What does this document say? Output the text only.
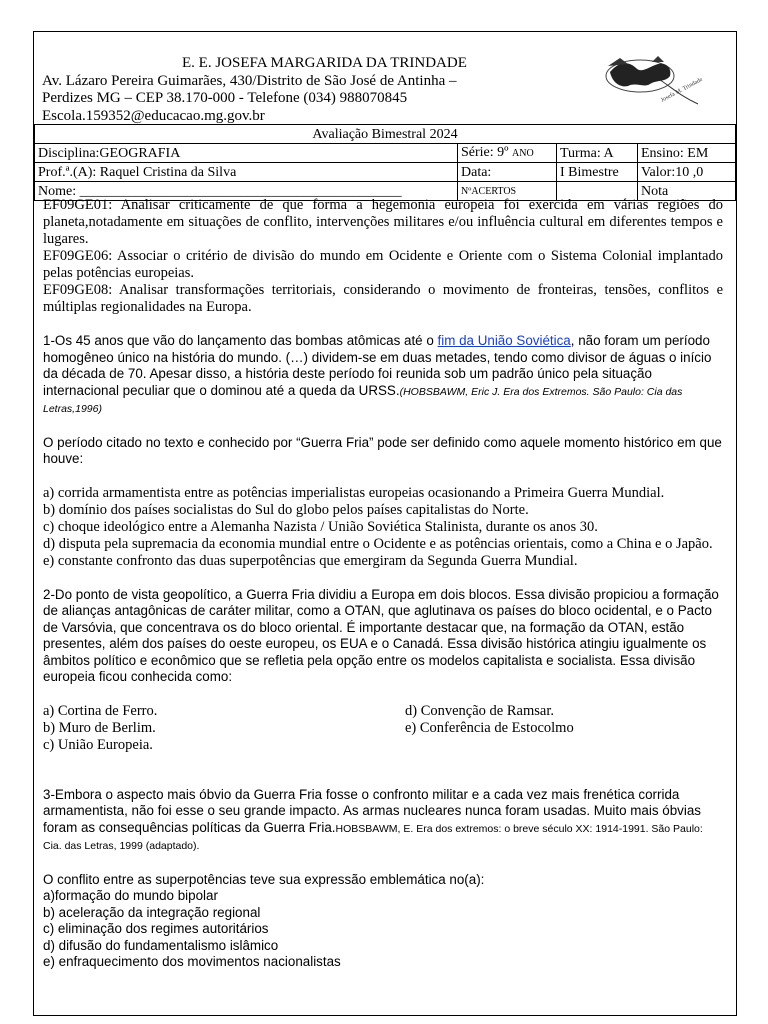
E. E. JOSEFA MARGARIDA DA TRINDADE
Av. Lázaro Pereira Guimarães, 430/Distrito de São José de Antinha –
Perdizes MG – CEP 38.170-000 - Telefone (034) 988070845
Escola.159352@educacao.mg.gov.br
Josefa M. Trindade
Avaliação Bimestral 2024			
Disciplina:GEOGRAFIA	Série: 9º ANO	Turma: A	Ensino: EM
Prof.ª.(A): Raquel Cristina da Silva	Data:	I Bimestre	Valor:10 ,0
Nome: ______________________________________________	NºACERTOS		Nota

EF09GE01: Analisar criticamente de que forma a hegemonia europeia foi exercida em várias regiões do planeta,notadamente em situações de conflito, intervenções militares e/ou influência cultural em diferentes tempos e lugares.

EF09GE06: Associar o critério de divisão do mundo em Ocidente e Oriente com o Sistema Colonial implantado pelas potências europeias.

EF09GE08: Analisar transformações territoriais, considerando o movimento de fronteiras, tensões, conflitos e múltiplas regionalidades na Europa.

1-Os 45 anos que vão do lançamento das bombas atômicas até o fim da União Soviética, não foram um período homogêneo único na história do mundo. (…) dividem-se em duas metades, tendo como divisor de águas o início da década de 70. Apesar disso, a história deste período foi reunida sob um padrão único pela situação internacional peculiar que o dominou até a queda da URSS.(HOBSBAWM, Eric J. Era dos Extremos. São Paulo: Cia das Letras,1996)

O período citado no texto e conhecido por “Guerra Fria” pode ser definido como aquele momento histórico em que houve:

a) corrida armamentista entre as potências imperialistas europeias ocasionando a Primeira Guerra Mundial.

b) domínio dos países socialistas do Sul do globo pelos países capitalistas do Norte.

c) choque ideológico entre a Alemanha Nazista / União Soviética Stalinista, durante os anos 30.

d) disputa pela supremacia da economia mundial entre o Ocidente e as potências orientais, como a China e o Japão.

e) constante confronto das duas superpotências que emergiram da Segunda Guerra Mundial.

2-Do ponto de vista geopolítico, a Guerra Fria dividiu a Europa em dois blocos. Essa divisão propiciou a formação de alianças antagônicas de caráter militar, como a OTAN, que aglutinava os países do bloco ocidental, e o Pacto de Varsóvia, que concentrava os do bloco oriental. É importante destacar que, na formação da OTAN, estão presentes, além dos países do oeste europeu, os EUA e o Canadá. Essa divisão histórica atingiu igualmente os âmbitos político e econômico que se refletia pela opção entre os modelos capitalista e socialista. Essa divisão europeia ficou conhecida como:

a) Cortina de Ferro.

b) Muro de Berlim.

c) União Europeia.

d) Convenção de Ramsar.

e) Conferência de Estocolmo

3-Embora o aspecto mais óbvio da Guerra Fria fosse o confronto militar e a cada vez mais frenética corrida armamentista, não foi esse o seu grande impacto. As armas nucleares nunca foram usadas. Muito mais óbvias foram as consequências políticas da Guerra Fria.HOBSBAWM, E. Era dos extremos: o breve século XX: 1914-1991. São Paulo: Cia. das Letras, 1999 (adaptado).

O conflito entre as superpotências teve sua expressão emblemática no(a):

a)formação do mundo bipolar

b) aceleração da integração regional

c) eliminação dos regimes autoritários

d) difusão do fundamentalismo islâmico

e) enfraquecimento dos movimentos nacionalistas
